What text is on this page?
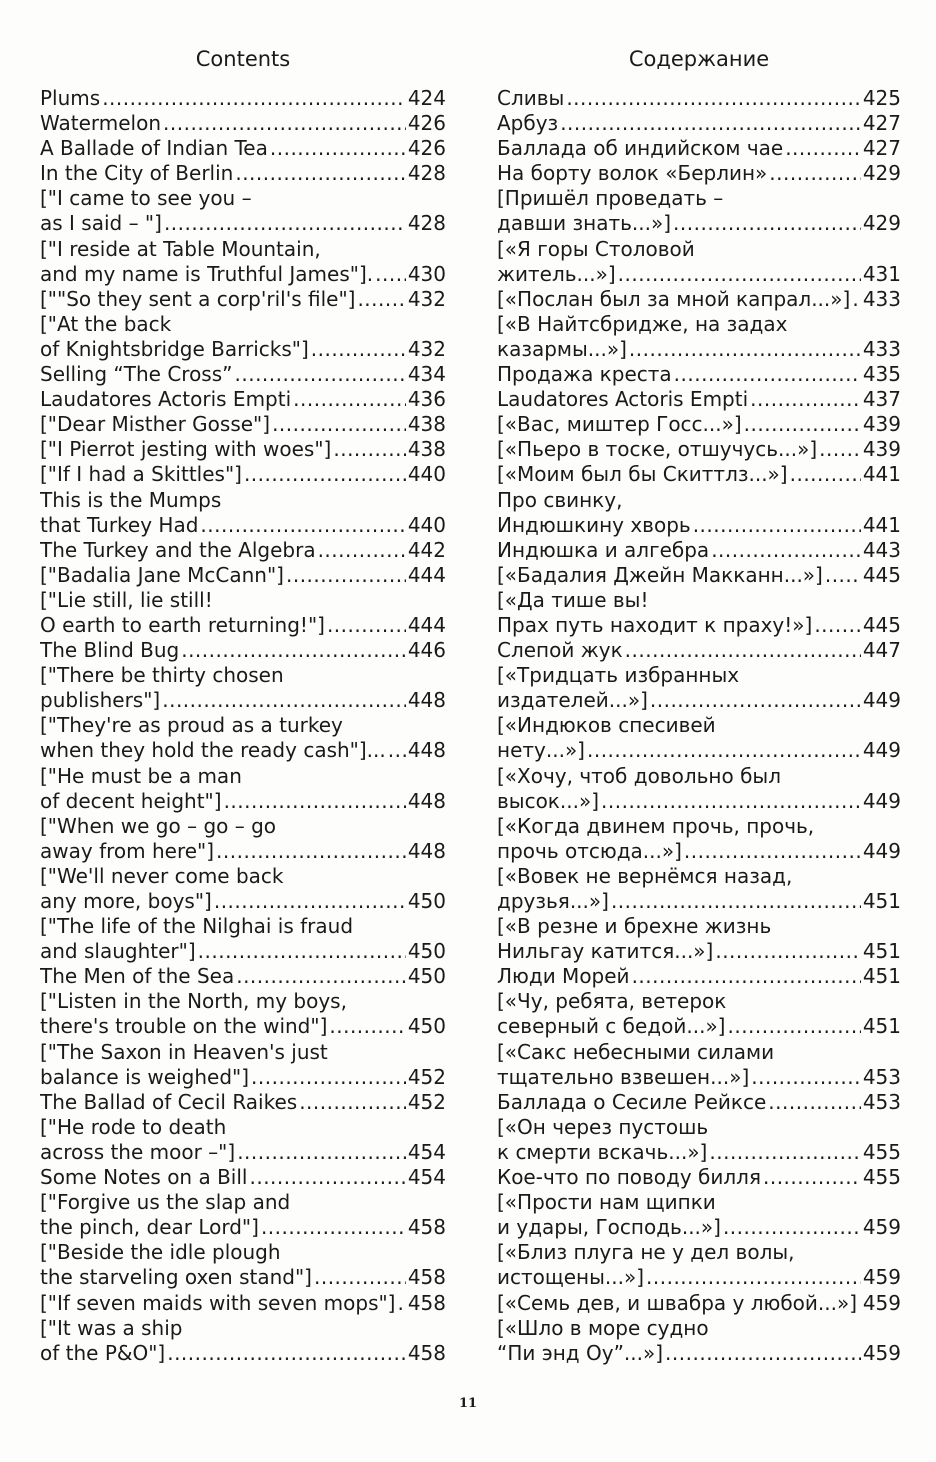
Contents
Plums .....	424
Watermelon .....	426
A Ballade of Indian Tea .....	426
In the City of Berlin .....	428
["I came to see you –
as I said – "] .....	428
["I reside at Table Mountain,
and my name is Truthful James"]. ..... 430
[""So they sent a corp'ril's file"] .....	432
["At the back
of Knightsbridge Barricks"] .....	432
Selling “The Cross” .....	434
Laudatores Actoris Empti .....	436
["Dear Misther Gosse"] .....	438
["I Pierrot jesting with woes"] .....	438
["If I had a Skittles"] .....	440
This is the Mumps
that Turkey Had .....	440
The Turkey and the Algebra .....	442
["Badalia Jane McCann"] .....	444
["Lie still, lie still!
O earth to earth returning!"] .....	444
The Blind Bug .....	446
["There be thirty chosen
publishers"] .....	448
["They're as proud as a turkey
when they hold the ready cash"]... ..... 448
["He must be a man
of decent height"] .....	448
["When we go – go – go
away from here"] .....	448
["We'll never come back
any more, boys"] .....	450
["The life of the Nilghai is fraud
and slaughter"] .....	450
The Men of the Sea .....	450
["Listen in the North, my boys,
there's trouble on the wind"] .....	450
["The Saxon in Heaven's just
balance is weighed"] .....	452
The Ballad of Cecil Raikes .....	452
["He rode to death
across the moor –"] .....	454
Some Notes on a Bill .....	454
["Forgive us the slap and
the pinch, dear Lord"] .....	458
["Beside the idle plough
the starveling oxen stand"] .....	458
["If seven maids with seven mops"] ..... 458
["It was a ship
of the P&O"] .....	458
Содержание
Сливы .....	425
Арбуз .....	427
Баллада об индийском чае .....	427
На борту волок «Берлин» .....	429
[Пришёл проведать –
давши знать...»] .....	429
[«Я горы Столовой
житель...»] .....	431
[«Послан был за мной капрал...»] ..... 433
[«В Найтсбридже, на задах
казармы...»] .....	433
Продажа креста .....	435
Laudatores Actoris Empti .....	437
[«Вас, миштер Госс...»] .....	439
[«Пьеро в тоске, отшучусь...»] ..... 439
[«Моим был бы Скиттлз...»] .....	441
Про свинку,
Индюшкину хворь .....	441
Индюшка и алгебра .....	443
[«Бадалия Джейн Макканн...»] ..... 445
[«Да тише вы!
Прах путь находит к праху!»] .....	445
Слепой жук .....	447
[«Тридцать избранных
издателей...»] .....	449
[«Индюков спесивей
нету...»] .....	449
[«Хочу, чтоб довольно был
высок...»] .....	449
[«Когда двинем прочь, прочь,
прочь отсюда...»] .....	449
[«Вовек не вернёмся назад,
друзья...»] .....	451
[«В резне и брехне жизнь
Нильгау катится...»] .....	451
Люди Морей .....	451
[«Чу, ребята, ветерок
северный с бедой...»] .....	451
[«Сакс небесными силами
тщательно взвешен...»] .....	453
Баллада о Сесиле Рейксе .....	453
[«Он через пустошь
к смерти вскачь...»] .....	455
Кое-что по поводу билля .....	455
[«Прости нам щипки
и удары, Господь...»] .....	459
[«Близ плуга не у дел волы,
истощены...»] .....	459
[«Семь дев, и швабра у любой...»] ..... 459
[«Шло в море судно
“Пи энд Оу”...»] .....	459
11
